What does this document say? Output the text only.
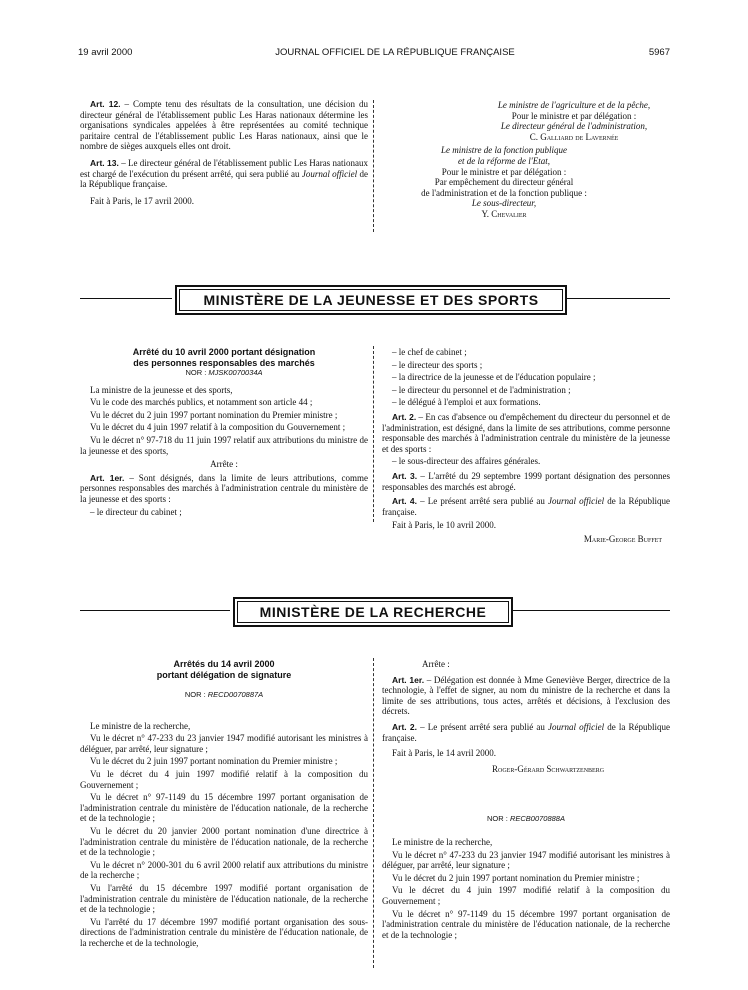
19 avril 2000	JOURNAL OFFICIEL DE LA RÉPUBLIQUE FRANÇAISE	5967

Art. 12. – Compte tenu des résultats de la consultation, une décision du directeur général de l'établissement public Les Haras nationaux détermine les organisations syndicales appelées à être représentées au comité technique paritaire central de l'établissement public Les Haras nationaux, ainsi que le nombre de sièges auxquels elles ont droit.

Art. 13. – Le directeur général de l'établissement public Les Haras nationaux est chargé de l'exécution du présent arrêté, qui sera publié au Journal officiel de la République française.

Fait à Paris, le 17 avril 2000.

Le ministre de l'agriculture et de la pêche,

Pour le ministre et par délégation :

Le directeur général de l'administration,

C. Galliard de Lavernée

Le ministre de la fonction publique

et de la réforme de l'Etat,

Pour le ministre et par délégation :

Par empêchement du directeur général

de l'administration et de la fonction publique :

Le sous-directeur,

Y. Chevalier

MINISTÈRE DE LA JEUNESSE ET DES SPORTS

Arrêté du 10 avril 2000 portant désignation

des personnes responsables des marchés

NOR : MJSK0070034A

La ministre de la jeunesse et des sports,

Vu le code des marchés publics, et notamment son article 44 ;

Vu le décret du 2 juin 1997 portant nomination du Premier ministre ;

Vu le décret du 4 juin 1997 relatif à la composition du Gouvernement ;

Vu le décret n° 97-718 du 11 juin 1997 relatif aux attributions du ministre de la jeunesse et des sports,

Arrête :

Art. 1er. – Sont désignés, dans la limite de leurs attributions, comme personnes responsables des marchés à l'administration centrale du ministère de la jeunesse et des sports :

– le directeur du cabinet ;

– le chef de cabinet ;

– le directeur des sports ;

– la directrice de la jeunesse et de l'éducation populaire ;

– le directeur du personnel et de l'administration ;

– le délégué à l'emploi et aux formations.

Art. 2. – En cas d'absence ou d'empêchement du directeur du personnel et de l'administration, est désigné, dans la limite de ses attributions, comme personne responsable des marchés à l'administration centrale du ministère de la jeunesse et des sports :

– le sous-directeur des affaires générales.

Art. 3. – L'arrêté du 29 septembre 1999 portant désignation des personnes responsables des marchés est abrogé.

Art. 4. – Le présent arrêté sera publié au Journal officiel de la République française.

Fait à Paris, le 10 avril 2000.

Marie-George Buffet

MINISTÈRE DE LA RECHERCHE

Arrêtés du 14 avril 2000

portant délégation de signature

NOR : RECD0070887A

Le ministre de la recherche,

Vu le décret n° 47-233 du 23 janvier 1947 modifié autorisant les ministres à déléguer, par arrêté, leur signature ;

Vu le décret du 2 juin 1997 portant nomination du Premier ministre ;

Vu le décret du 4 juin 1997 modifié relatif à la composition du Gouvernement ;

Vu le décret n° 97-1149 du 15 décembre 1997 portant organisation de l'administration centrale du ministère de l'éducation nationale, de la recherche et de la technologie ;

Vu le décret du 20 janvier 2000 portant nomination d'une directrice à l'administration centrale du ministère de l'éducation nationale, de la recherche et de la technologie ;

Vu le décret n° 2000-301 du 6 avril 2000 relatif aux attributions du ministre de la recherche ;

Vu l'arrêté du 15 décembre 1997 modifié portant organisation de l'administration centrale du ministère de l'éducation nationale, de la recherche et de la technologie ;

Vu l'arrêté du 17 décembre 1997 modifié portant organisation des sous-directions de l'administration centrale du ministère de l'éducation nationale, de la recherche et de la technologie,

Arrête :

Art. 1er. – Délégation est donnée à Mme Geneviève Berger, directrice de la technologie, à l'effet de signer, au nom du ministre de la recherche et dans la limite de ses attributions, tous actes, arrêtés et décisions, à l'exclusion des décrets.

Art. 2. – Le présent arrêté sera publié au Journal officiel de la République française.

Fait à Paris, le 14 avril 2000.

Roger-Gérard Schwartzenberg

NOR : RECB0070888A

Le ministre de la recherche,

Vu le décret n° 47-233 du 23 janvier 1947 modifié autorisant les ministres à déléguer, par arrêté, leur signature ;

Vu le décret du 2 juin 1997 portant nomination du Premier ministre ;

Vu le décret du 4 juin 1997 modifié relatif à la composition du Gouvernement ;

Vu le décret n° 97-1149 du 15 décembre 1997 portant organisation de l'administration centrale du ministère de l'éducation nationale, de la recherche et de la technologie ;
